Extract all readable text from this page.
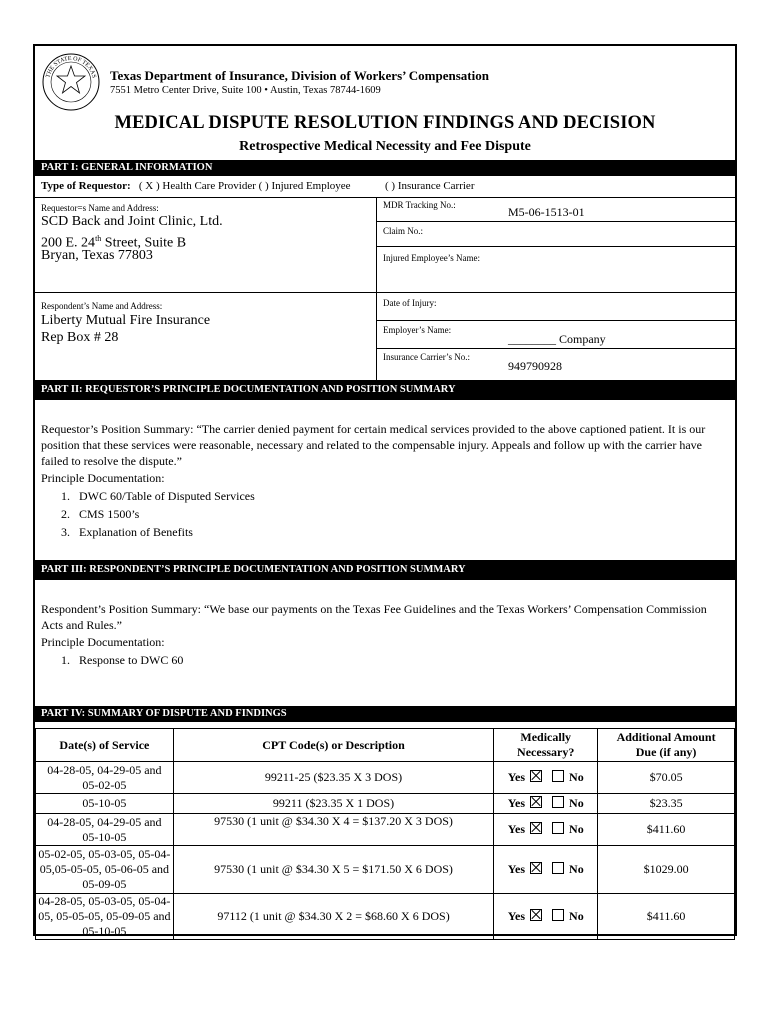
THE STATE OF TEXAS Texas Department of Insurance, Division of Workers’ Compensation
7551 Metro Center Drive, Suite 100 • Austin, Texas 78744-1609
MEDICAL DISPUTE RESOLUTION FINDINGS AND DECISION
Retrospective Medical Necessity and Fee Dispute
PART I: GENERAL INFORMATION
Type of Requestor: ( X ) Health Care Provider ( ) Injured Employee	( ) Insurance Carrier
Requestor=s Name and Address:
SCD Back and Joint Clinic, Ltd.
200 E. 24th Street, Suite B
Bryan, Texas 77803
MDR Tracking No.:	M5-06-1513-01
Claim No.:
Injured Employee’s Name:
Respondent’s Name and Address:
Liberty Mutual Fire Insurance
Rep Box # 28
Date of Injury:
Employer’s Name:
________ Company
Insurance Carrier’s No.:
949790928
PART II: REQUESTOR’S PRINCIPLE DOCUMENTATION AND POSITION SUMMARY
Requestor’s Position Summary: “The carrier denied payment for certain medical services provided to the above captioned patient. It is our position that these services were reasonable, necessary and related to the compensable injury. Appeals and follow up with the carrier have failed to resolve the dispute.”
Principle Documentation:
1. DWC 60/Table of Disputed Services
2. CMS 1500’s
3. Explanation of Benefits
PART III: RESPONDENT’S PRINCIPLE DOCUMENTATION AND POSITION SUMMARY
Respondent’s Position Summary: “We base our payments on the Texas Fee Guidelines and the Texas Workers’ Compensation Commission Acts and Rules.”
Principle Documentation:
1. Response to DWC 60
PART IV: SUMMARY OF DISPUTE AND FINDINGS
Date(s) of Service	CPT Code(s) or Description	Medically
Necessary?	Additional Amount
Due (if any)
04-28-05, 04-29-05 and 05-02-05	99211-25 ($23.35 X 3 DOS)	Yes No	$70.05
05-10-05	99211 ($23.35 X 1 DOS)	Yes No	$23.35
04-28-05, 04-29-05 and 05-10-05	97530 (1 unit @ $34.30 X 4 = $137.20 X 3 DOS)	Yes No	$411.60
05-02-05, 05-03-05, 05-04-05,05-05-05, 05-06-05 and 05-09-05	97530 (1 unit @ $34.30 X 5 = $171.50 X 6 DOS)	Yes No	$1029.00
04-28-05, 05-03-05, 05-04-05, 05-05-05, 05-09-05 and 05-10-05	97112 (1 unit @ $34.30 X 2 = $68.60 X 6 DOS)	Yes No	$411.60
